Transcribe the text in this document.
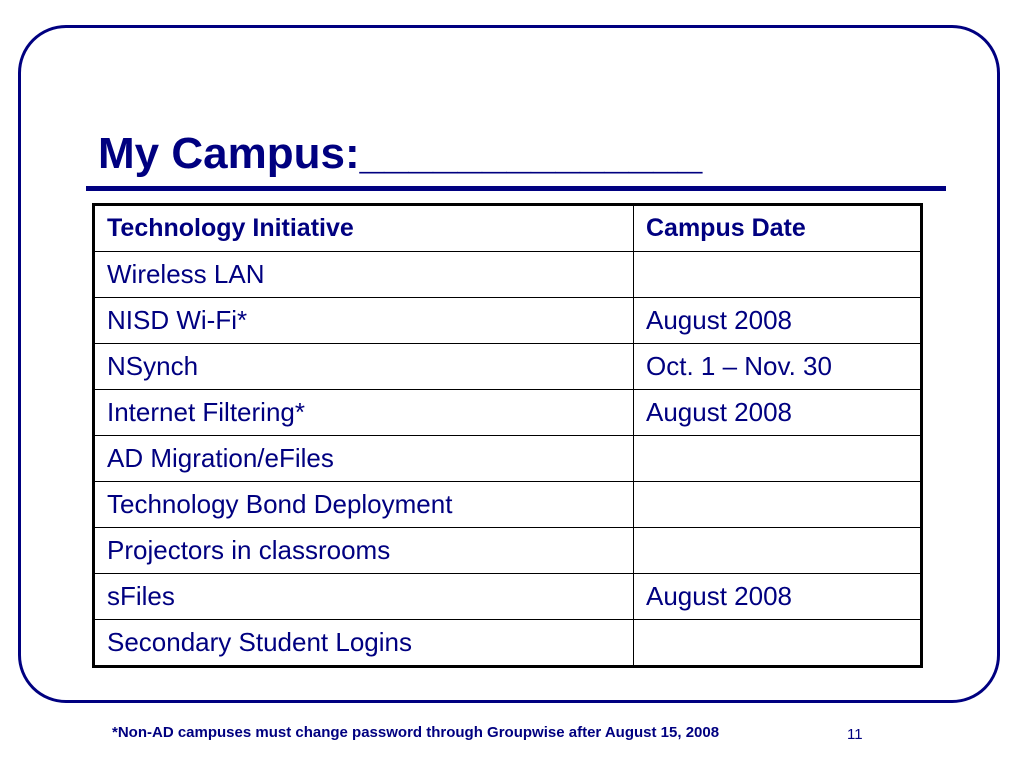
My Campus:______________
Technology Initiative	Campus Date
Wireless LAN	
NISD Wi-Fi*	August 2008
NSynch	Oct. 1 – Nov. 30
Internet Filtering*	August 2008
AD Migration/eFiles	
Technology Bond Deployment	
Projectors in classrooms	
sFiles	August 2008
Secondary Student Logins	
*Non-AD campuses must change password through Groupwise after August 15, 2008	11
